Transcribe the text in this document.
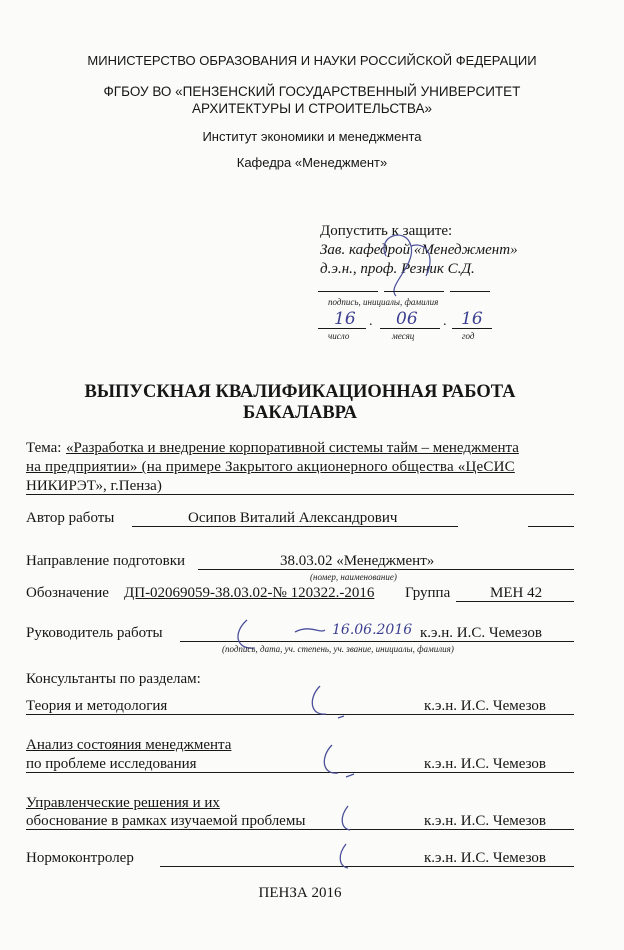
МИНИСТЕРСТВО ОБРАЗОВАНИЯ И НАУКИ РОССИЙСКОЙ ФЕДЕРАЦИИ
ФГБОУ ВО «ПЕНЗЕНСКИЙ ГОСУДАРСТВЕННЫЙ УНИВЕРСИТЕТ
АРХИТЕКТУРЫ И СТРОИТЕЛЬСТВА»
Институт экономики и менеджмента
Кафедра «Менеджмент»
Допустить к защите:
Зав. кафедрой «Менеджмент»
д.э.н., проф. Резник С.Д.
подпись, инициалы, фамилия
16 06	16
.	.
число	месяц	год
ВЫПУСКНАЯ КВАЛИФИКАЦИОННАЯ РАБОТА
БАКАЛАВРА
Тема: «Разработка и внедрение корпоративной системы тайм – менеджмента
на предприятии» (на примере Закрытого акционерного общества «ЦеСИС
НИКИРЭТ», г.Пенза)
Автор работы	Осипов Виталий Александрович
Направление подготовки	38.03.02 «Менеджмент»
(номер, наименование)
Обозначение ДП-02069059-38.03.02-№ 120322.-2016 Группа	МЕН 42
Руководитель работы	16.06.2016 к.э.н. И.С. Чемезов
(подпись, дата, уч. степень, уч. звание, инициалы, фамилия)
Консультанты по разделам:
Теория и методология	к.э.н. И.С. Чемезов
Анализ состояния менеджмента
по проблеме исследования	к.э.н. И.С. Чемезов
Управленческие решения и их
обоснование в рамках изучаемой проблемы	к.э.н. И.С. Чемезов
Нормоконтролер	к.э.н. И.С. Чемезов
ПЕНЗА 2016
